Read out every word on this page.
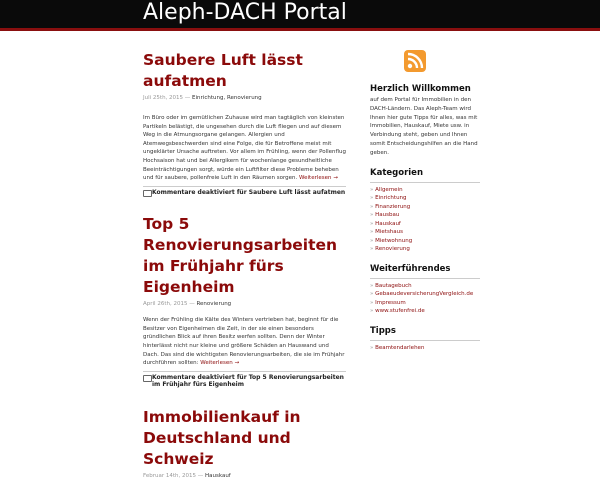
Aleph-DACH Portal
Saubere Luft lässt aufatmen
Juli 25th, 2015 — Einrichtung, Renovierung
Im Büro oder im gemütlichen Zuhause wird man tagtäglich von kleinsten Partikeln belästigt, die ungesehen durch die Luft fliegen und auf diesem Weg in die Atmungsorgane gelangen. Allergien und Atemwegsbeschwerden sind eine Folge, die für Betroffene meist mit ungeklärter Ursache auftreten. Vor allem im Frühling, wenn der Pollenflug Hochsaison hat und bei Allergikern für wochenlange gesundheitliche Beeinträchtigungen sorgt, würde ein Luftfilter diese Probleme beheben und für saubere, pollenfreie Luft in den Räumen sorgen. Weiterlesen →
Kommentare deaktiviert für Saubere Luft lässt aufatmen
Top 5 Renovierungsarbeiten im Frühjahr fürs Eigenheim
April 26th, 2015 — Renovierung
Wenn der Frühling die Kälte des Winters vertrieben hat, beginnt für die Besitzer von Eigenheimen die Zeit, in der sie einen besonders gründlichen Blick auf ihren Besitz werfen sollten. Denn der Winter hinterlässt nicht nur kleine und größere Schäden an Hauswand und Dach. Das sind die wichtigsten Renovierungsarbeiten, die sie im Frühjahr durchführen sollten: Weiterlesen →
Kommentare deaktiviert für Top 5 Renovierungsarbeiten im Frühjahr fürs Eigenheim
Immobilienkauf in Deutschland und Schweiz
Februar 14th, 2015 — Hauskauf
Herzlich Willkommen
auf dem Portal für Immobilien in den DACH-Ländern. Das Aleph-Team wird Ihnen hier gute Tipps für alles, was mit Immobilien, Hauskauf, Miete usw. in Verbindung steht, geben und Ihnen somit Entscheidungshilfen an die Hand geben.
Kategorien
» Allgemein
» Einrichtung
» Finanzierung
» Hausbau
» Hauskauf
» Mietshaus
» Mietwohnung
» Renovierung
Weiterführendes
» Bautagebuch
» GebaeudeversicherungVergleich.de
» Impressum
» www.stufenfrei.de
Tipps
» Beamtendarlehen
